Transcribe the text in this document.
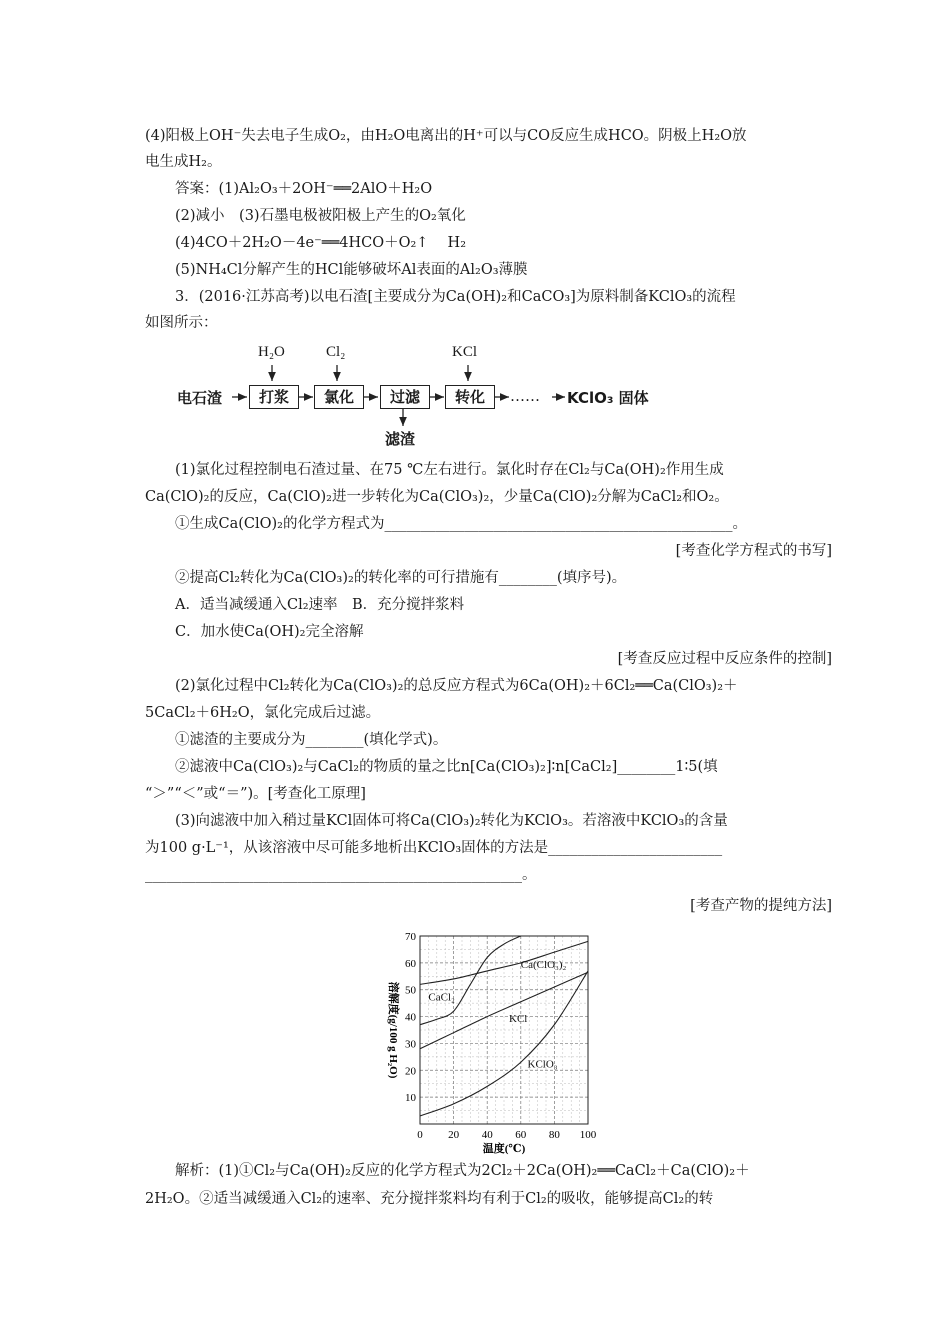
(4)阳极上OH⁻失去电子生成O₂，由H₂O电离出的H⁺可以与CO反应生成HCO。阴极上H₂O放
电生成H₂。
答案：(1)Al₂O₃＋2OH⁻══2AlO＋H₂O
(2)减小　(3)石墨电极被阳极上产生的O₂氧化
(4)4CO＋2H₂O－4e⁻══4HCO＋O₂↑　 H₂
(5)NH₄Cl分解产生的HCl能够破坏Al表面的Al₂O₃薄膜
3．(2016·江苏高考)以电石渣[主要成分为Ca(OH)₂和CaCO₃]为原料制备KClO₃的流程
如图所示：
H₂O	Cl₂	KCl
电石渣	打浆	氯化	过滤	转化	…… KClO₃ 固体
滤渣
(1)氯化过程控制电石渣过量、在75 ℃左右进行。氯化时存在Cl₂与Ca(OH)₂作用生成
Ca(ClO)₂的反应，Ca(ClO)₂进一步转化为Ca(ClO₃)₂，少量Ca(ClO)₂分解为CaCl₂和O₂。
①生成Ca(ClO)₂的化学方程式为________________________________________________。
[考查化学方程式的书写]
②提高Cl₂转化为Ca(ClO₃)₂的转化率的可行措施有________(填序号)。
A．适当减缓通入Cl₂速率　B．充分搅拌浆料
C．加水使Ca(OH)₂完全溶解
[考查反应过程中反应条件的控制]
(2)氯化过程中Cl₂转化为Ca(ClO₃)₂的总反应方程式为6Ca(OH)₂＋6Cl₂══Ca(ClO₃)₂＋
5CaCl₂＋6H₂O，氯化完成后过滤。
①滤渣的主要成分为________(填化学式)。
②滤液中Ca(ClO₃)₂与CaCl₂的物质的量之比n[Ca(ClO₃)₂]∶n[CaCl₂]________1∶5(填
“＞”“＜”或“＝”)。[考查化工原理]
(3)向滤液中加入稍过量KCl固体可将Ca(ClO₃)₂转化为KClO₃。若溶液中KClO₃的含量
为100 g·L⁻¹，从该溶液中尽可能多地析出KClO₃固体的方法是________________________
____________________________________________________。
[考查产物的提纯方法]
10
20
30
40
50
60
70
0 20 40 60 80 100
温度(℃)
溶解度(g/100 g H₂O)
Ca(ClO₃)₂
CaCl₂
KCl
KClO₃
解析：(1)①Cl₂与Ca(OH)₂反应的化学方程式为2Cl₂＋2Ca(OH)₂══CaCl₂＋Ca(ClO)₂＋
2H₂O。②适当减缓通入Cl₂的速率、充分搅拌浆料均有利于Cl₂的吸收，能够提高Cl₂的转
